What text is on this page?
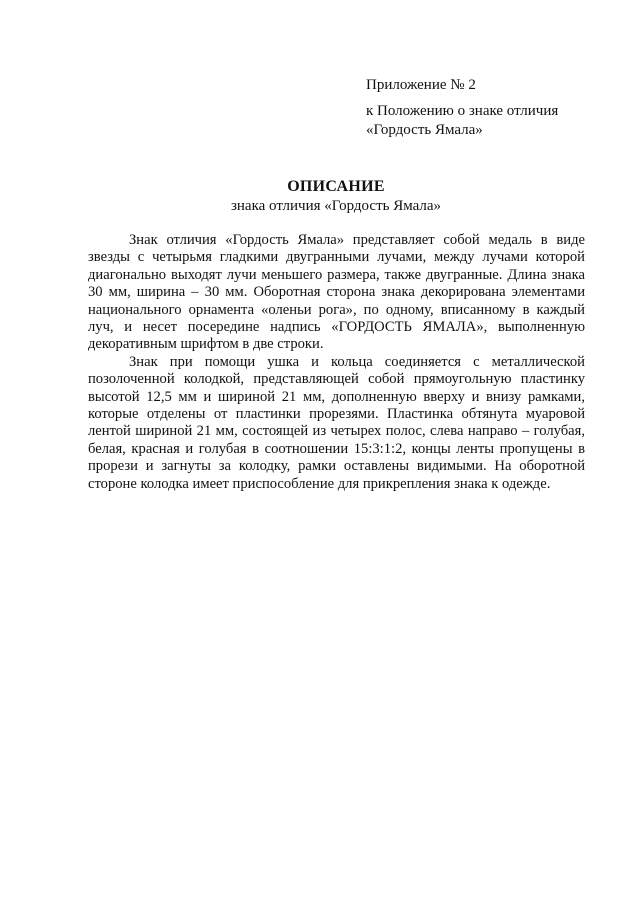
Приложение № 2
к Положению о знаке отличия
«Гордость Ямала»
ОПИСАНИЕ
знака отличия «Гордость Ямала»

Знак отличия «Гордость Ямала» представляет собой медаль в виде звезды с четырьмя гладкими двугранными лучами, между лучами которой диагонально выходят лучи меньшего размера, также двугранные. Длина знака 30 мм, ширина – 30 мм. Оборотная сторона знака декорирована элементами национального орнамента «оленьи рога», по одному, вписанному в каждый луч, и несет посередине надпись «ГОРДОСТЬ ЯМАЛА», выполненную декоративным шрифтом в две строки.

Знак при помощи ушка и кольца соединяется с металлической позолоченной колодкой, представляющей собой прямоугольную пластинку высотой 12,5 мм и шириной 21 мм, дополненную вверху и внизу рамками, которые отделены от пластинки прорезями. Пластинка обтянута муаровой лентой шириной 21 мм, состоящей из четырех полос, слева направо – голубая, белая, красная и голубая в соотношении 15:3:1:2, концы ленты пропущены в прорези и загнуты за колодку, рамки оставлены видимыми. На оборотной стороне колодка имеет приспособление для прикрепления знака к одежде.
